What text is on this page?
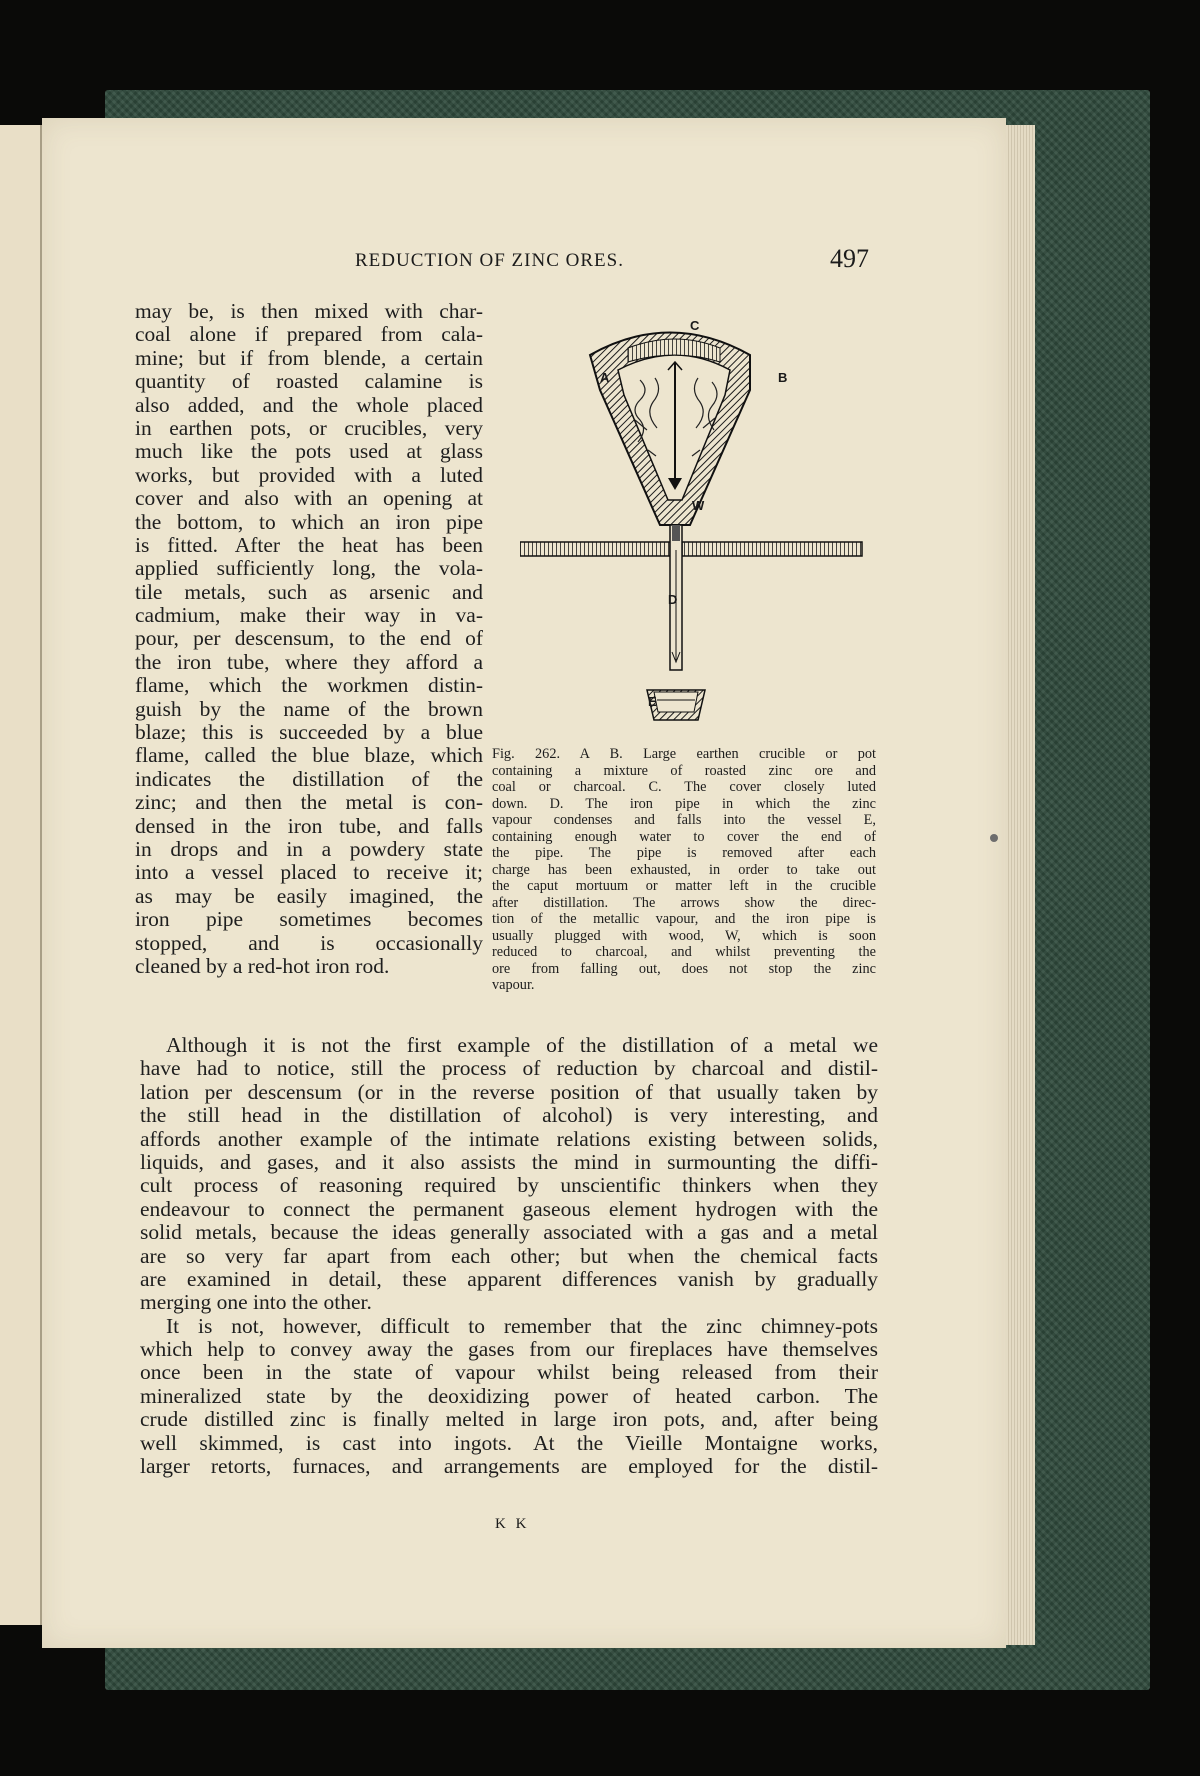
REDUCTION OF ZINC ORES.	497
may be, is then mixed with char-
coal alone if prepared from cala-
mine; but if from blende, a certain
quantity of roasted calamine is
also added, and the whole placed
in earthen pots, or crucibles, very
much like the pots used at glass
works, but provided with a luted
cover and also with an opening at
the bottom, to which an iron pipe
is fitted. After the heat has been
applied sufficiently long, the vola-
tile metals, such as arsenic and
cadmium, make their way in va-
pour, per descensum, to the end of
the iron tube, where they afford a
flame, which the workmen distin-
guish by the name of the brown
blaze; this is succeeded by a blue
flame, called the blue blaze, which
indicates the distillation of the
zinc; and then the metal is con-
densed in the iron tube, and falls
in drops and in a powdery state
into a vessel placed to receive it;
as may be easily imagined, the
iron pipe sometimes becomes
stopped, and is occasionally
cleaned by a red-hot iron rod.
C
A	B
W
D
E
Fig. 262. A B. Large earthen crucible or pot
containing a mixture of roasted zinc ore and
coal or charcoal. C. The cover closely luted
down. D. The iron pipe in which the zinc
vapour condenses and falls into the vessel E,
containing enough water to cover the end of
the pipe. The pipe is removed after each
charge has been exhausted, in order to take out
the caput mortuum or matter left in the crucible
after distillation. The arrows show the direc-
tion of the metallic vapour, and the iron pipe is
usually plugged with wood, W, which is soon
reduced to charcoal, and whilst preventing the
ore from falling out, does not stop the zinc
vapour.
Although it is not the first example of the distillation of a metal we
have had to notice, still the process of reduction by charcoal and distil-
lation per descensum (or in the reverse position of that usually taken by
the still head in the distillation of alcohol) is very interesting, and
affords another example of the intimate relations existing between solids,
liquids, and gases, and it also assists the mind in surmounting the diffi-
cult process of reasoning required by unscientific thinkers when they
endeavour to connect the permanent gaseous element hydrogen with the
solid metals, because the ideas generally associated with a gas and a metal
are so very far apart from each other; but when the chemical facts
are examined in detail, these apparent differences vanish by gradually
merging one into the other.
It is not, however, difficult to remember that the zinc chimney-pots
which help to convey away the gases from our fireplaces have themselves
once been in the state of vapour whilst being released from their
mineralized state by the deoxidizing power of heated carbon. The
crude distilled zinc is finally melted in large iron pots, and, after being
well skimmed, is cast into ingots. At the Vieille Montaigne works,
larger retorts, furnaces, and arrangements are employed for the distil-
K K
